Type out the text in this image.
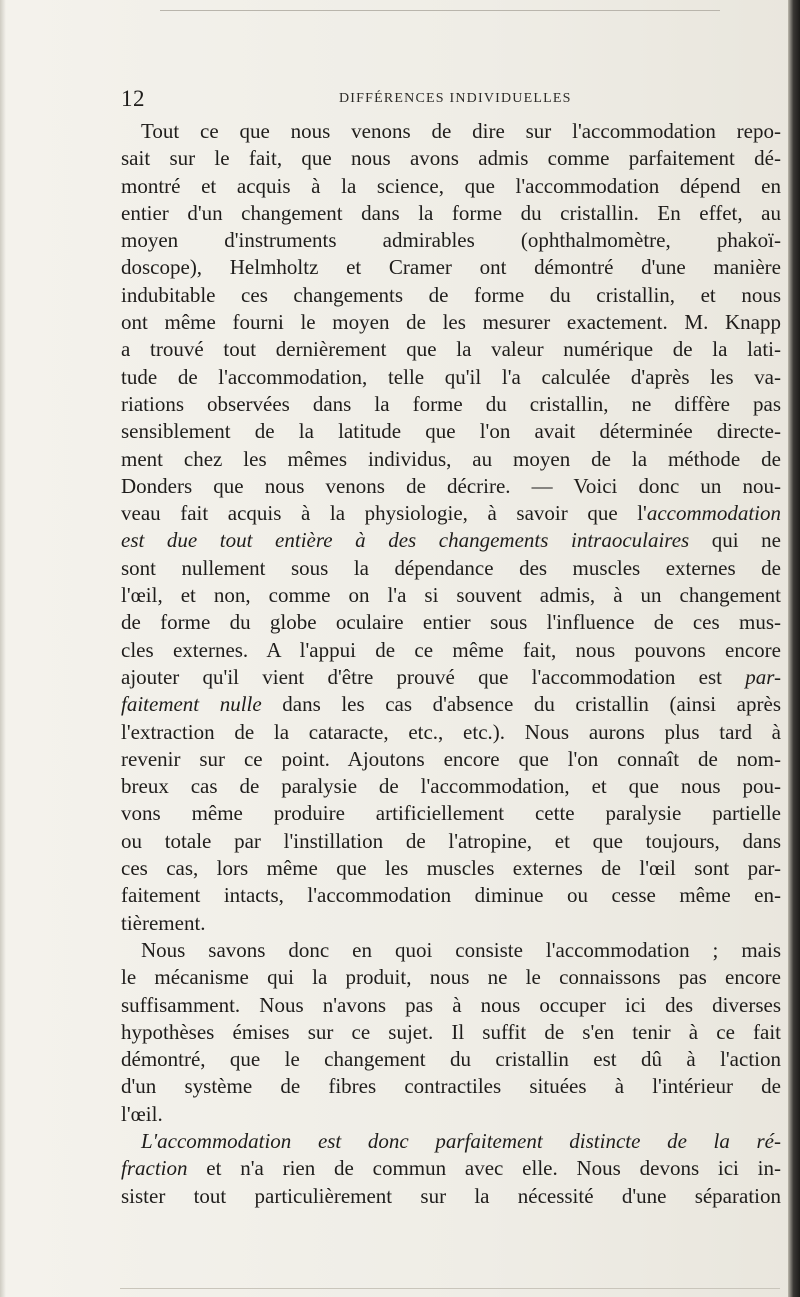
12	DIFFÉRENCES INDIVIDUELLES
Tout ce que nous venons de dire sur l'accommodation repo-
sait sur le fait, que nous avons admis comme parfaitement dé-
montré et acquis à la science, que l'accommodation dépend en
entier d'un changement dans la forme du cristallin. En effet, au
moyen d'instruments admirables (ophthalmomètre, phakoï-
doscope), Helmholtz et Cramer ont démontré d'une manière
indubitable ces changements de forme du cristallin, et nous
ont même fourni le moyen de les mesurer exactement. M. Knapp
a trouvé tout dernièrement que la valeur numérique de la lati-
tude de l'accommodation, telle qu'il l'a calculée d'après les va-
riations observées dans la forme du cristallin, ne diffère pas
sensiblement de la latitude que l'on avait déterminée directe-
ment chez les mêmes individus, au moyen de la méthode de
Donders que nous venons de décrire. — Voici donc un nou-
veau fait acquis à la physiologie, à savoir que l'accommodation
est due tout entière à des changements intraoculaires qui ne
sont nullement sous la dépendance des muscles externes de
l'œil, et non, comme on l'a si souvent admis, à un changement
de forme du globe oculaire entier sous l'influence de ces mus-
cles externes. A l'appui de ce même fait, nous pouvons encore
ajouter qu'il vient d'être prouvé que l'accommodation est par-
faitement nulle dans les cas d'absence du cristallin (ainsi après
l'extraction de la cataracte, etc., etc.). Nous aurons plus tard à
revenir sur ce point. Ajoutons encore que l'on connaît de nom-
breux cas de paralysie de l'accommodation, et que nous pou-
vons même produire artificiellement cette paralysie partielle
ou totale par l'instillation de l'atropine, et que toujours, dans
ces cas, lors même que les muscles externes de l'œil sont par-
faitement intacts, l'accommodation diminue ou cesse même en-
tièrement.
Nous savons donc en quoi consiste l'accommodation ; mais
le mécanisme qui la produit, nous ne le connaissons pas encore
suffisamment. Nous n'avons pas à nous occuper ici des diverses
hypothèses émises sur ce sujet. Il suffit de s'en tenir à ce fait
démontré, que le changement du cristallin est dû à l'action
d'un système de fibres contractiles situées à l'intérieur de
l'œil.
L'accommodation est donc parfaitement distincte de la ré-
fraction et n'a rien de commun avec elle. Nous devons ici in-
sister tout particulièrement sur la nécessité d'une séparation
